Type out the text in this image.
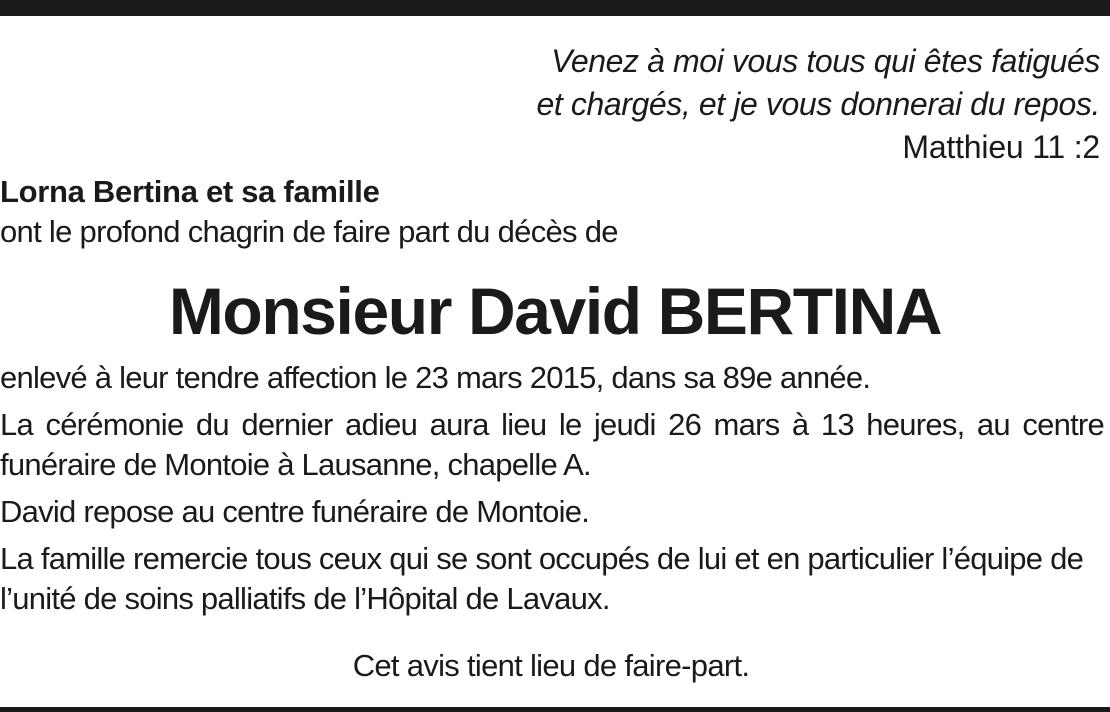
Venez à moi vous tous qui êtes fatigués
et chargés, et je vous donnerai du repos.
Matthieu 11 :2
Lorna Bertina et sa famille
ont le profond chagrin de faire part du décès de
Monsieur David BERTINA

enlevé à leur tendre affection le 23 mars 2015, dans sa 89e année.

La cérémonie du dernier adieu aura lieu le jeudi 26 mars à 13 heures, au centre funéraire de Montoie à Lausanne, chapelle A.

David repose au centre funéraire de Montoie.

La famille remercie tous ceux qui se sont occupés de lui et en particulier l’équipe de l’unité de soins palliatifs de l’Hôpital de Lavaux.

Cet avis tient lieu de faire-part.
